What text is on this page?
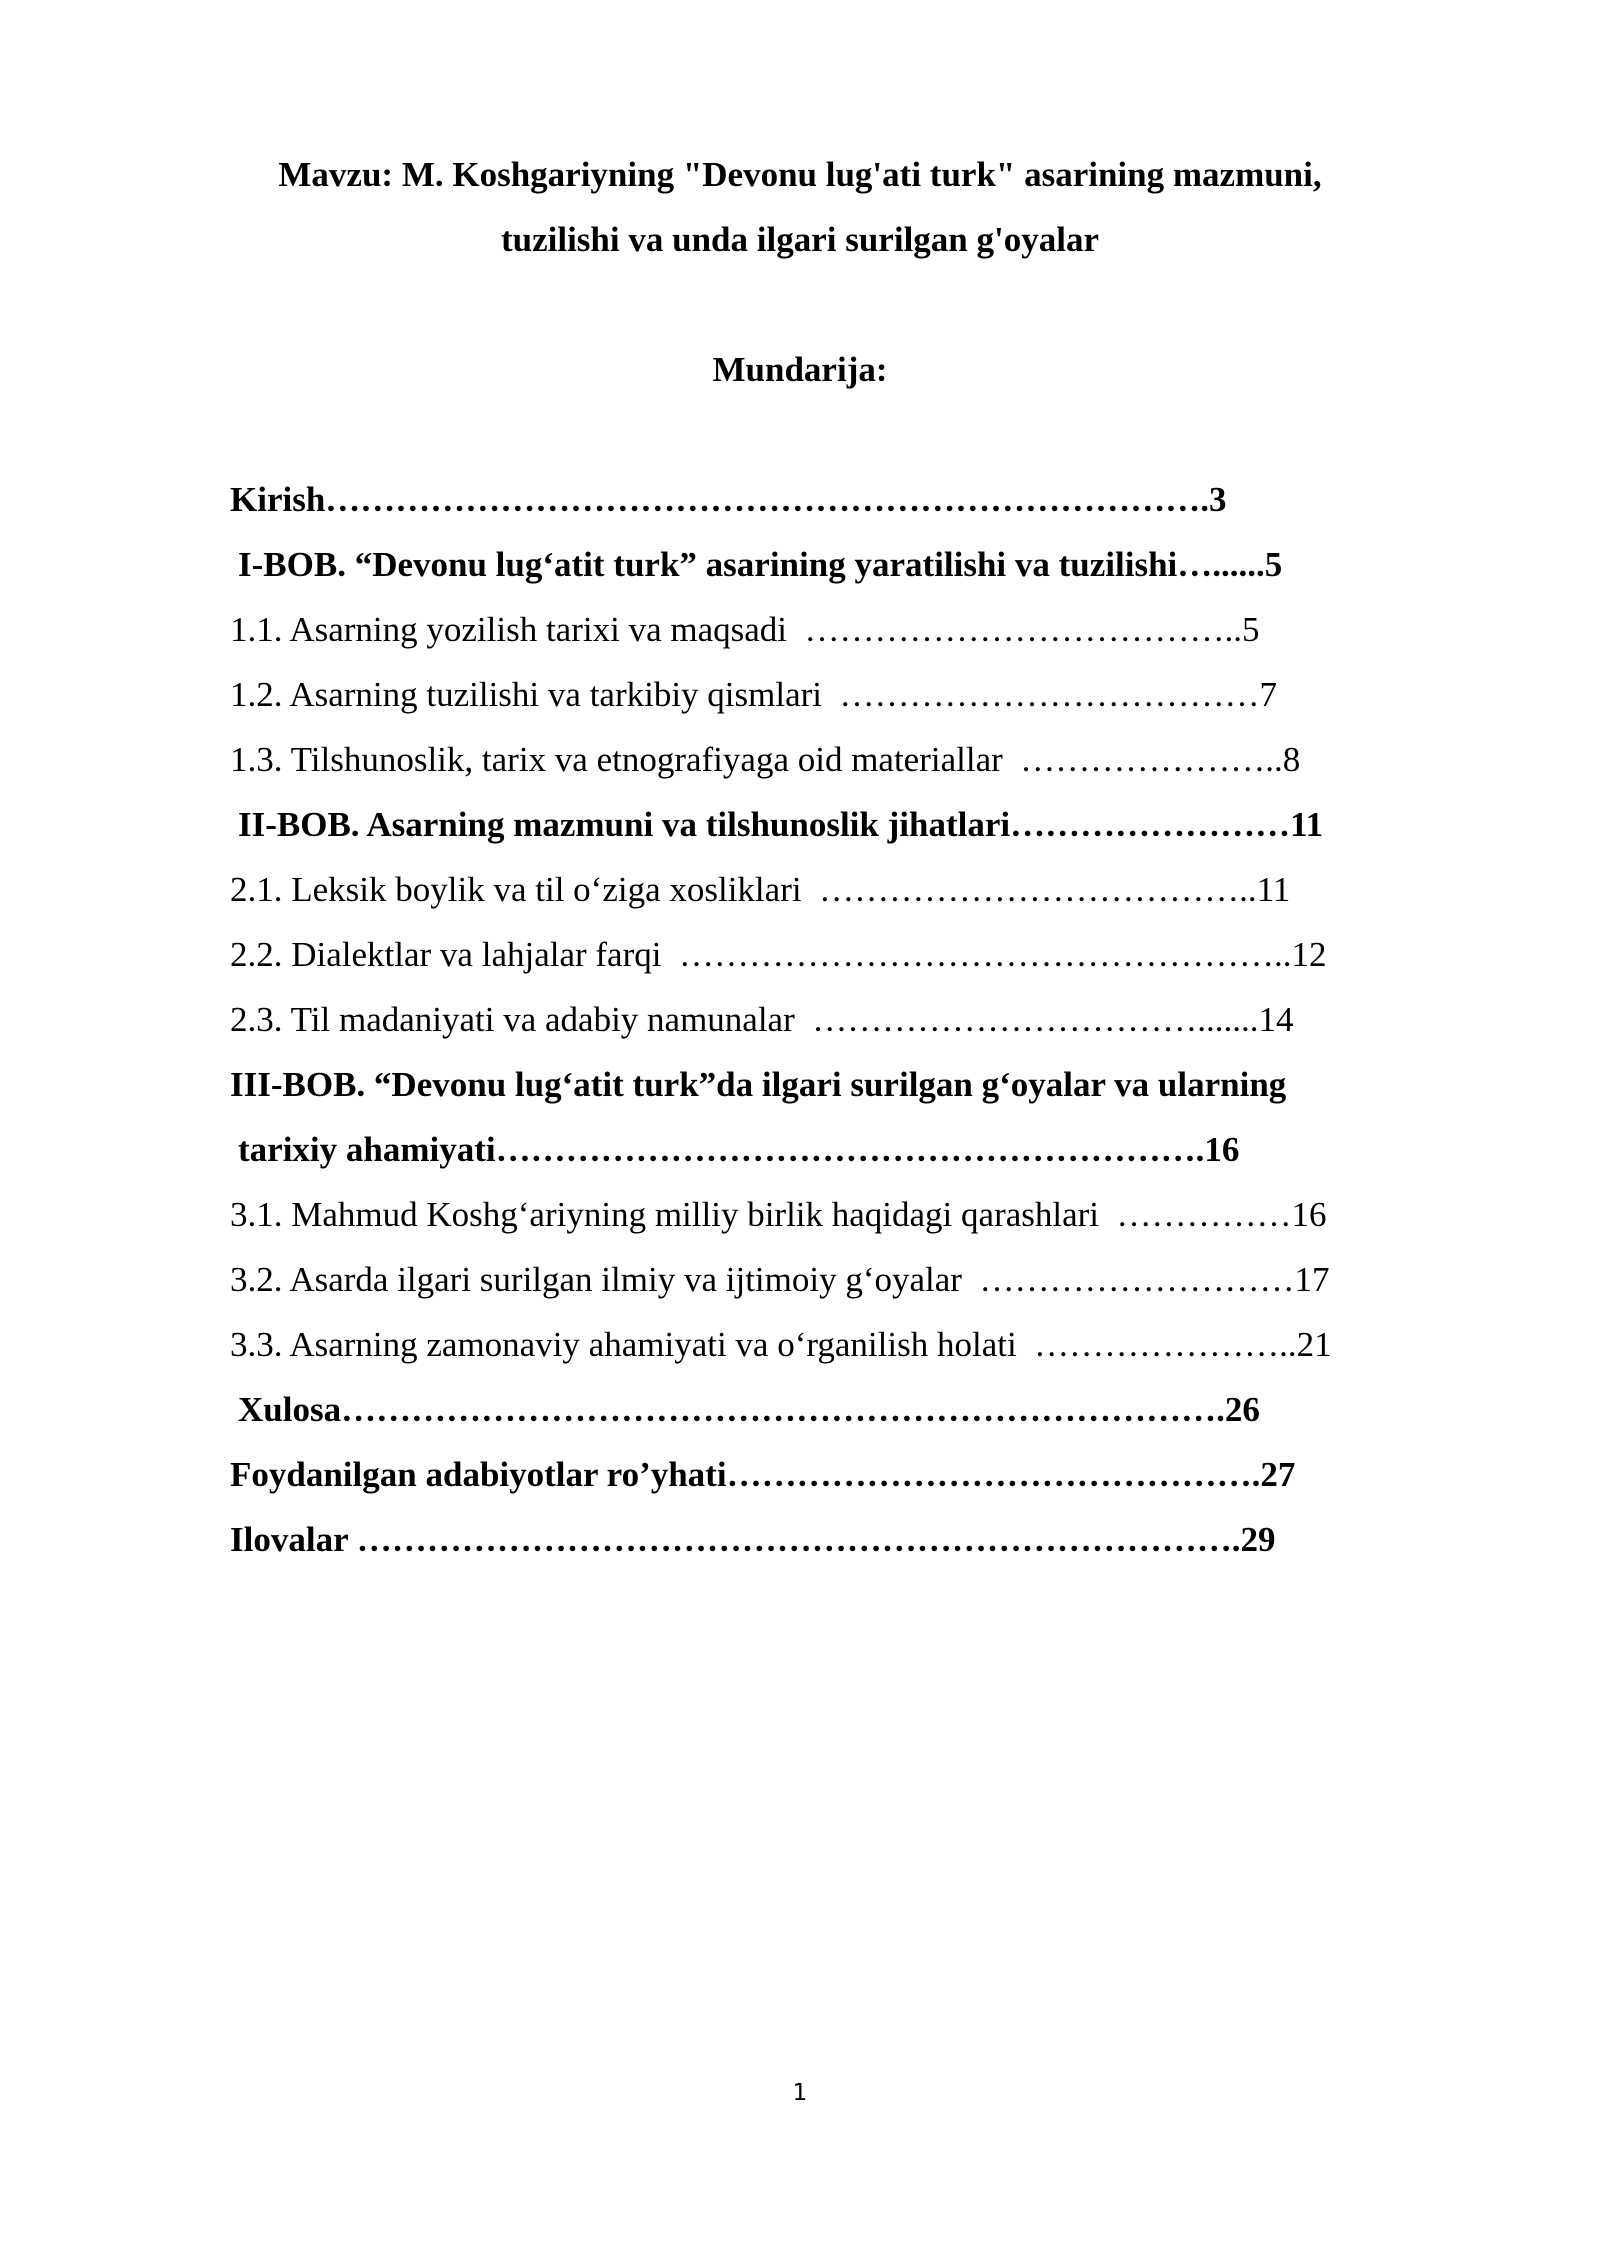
Mavzu: M. Koshgariyning "Devonu lug'ati turk" asarining mazmuni,
tuzilishi va unda ilgari surilgan g'oyalar
Mundarija:
Kirish………………………………………………………………….3
I-BOB. “Devonu lug‘atit turk” asarining yaratilishi va tuzilishi…......5
1.1. Asarning yozilish tarixi va maqsadi  ………………………………..5
1.2. Asarning tuzilishi va tarkibiy qismlari  ………………………………7
1.3. Tilshunoslik, tarix va etnografiyaga oid materiallar  …………………..8
II-BOB. Asarning mazmuni va tilshunoslik jihatlari……………………11
2.1. Leksik boylik va til o‘ziga xosliklari  ………………………………..11
2.2. Dialektlar va lahjalar farqi  ……………………………………………..12
2.3. Til madaniyati va adabiy namunalar  …………………………….......14
III-BOB. “Devonu lug‘atit turk”da ilgari surilgan g‘oyalar va ularning
tarixiy ahamiyati…………………………………………………….16
3.1. Mahmud Koshg‘ariyning milliy birlik haqidagi qarashlari  ……………16
3.2. Asarda ilgari surilgan ilmiy va ijtimoiy g‘oyalar  ………………………17
3.3. Asarning zamonaviy ahamiyati va o‘rganilish holati  …………………..21
Xulosa………………………………………………………………….26
Foydanilgan adabiyotlar ro’yhati……………………………………….27
Ilovalar ………………………………………………………………….29
1
